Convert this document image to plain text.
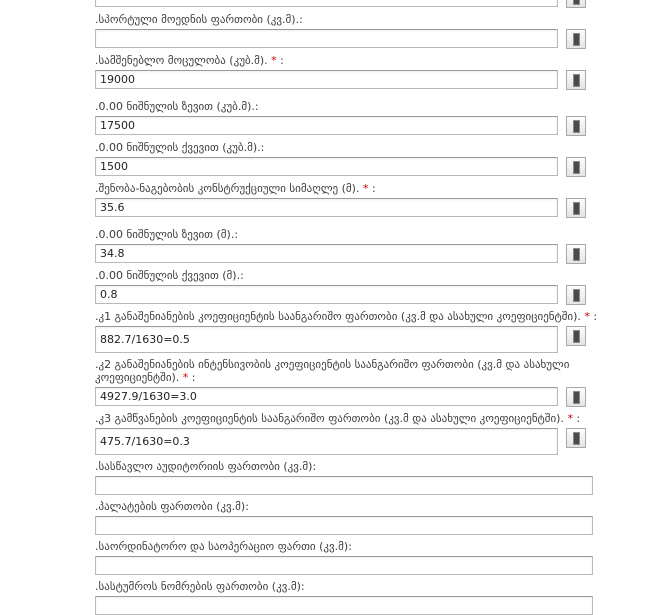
.სპორტული მოედნის ფართობი (კვ.მ).:
.სამშენებლო მოცულობა (კუბ.მ). * :
19000
.0.00 ნიშნულის ზევით (კუბ.მ).:
17500
.0.00 ნიშნულის ქვევით (კუბ.მ).:
1500
.შენობა-ნაგებობის კონსტრუქციული სიმაღლე (მ). * :
35.6
.0.00 ნიშნულის ზევით (მ).:
34.8
.0.00 ნიშნულის ქვევით (მ).:
0.8
.კ1 განაშენიანების კოეფიციენტის საანგარიშო ფართობი (კვ.მ და ასახული კოეფიციენტში). * :
882.7/1630=0.5
.კ2 განაშენიანების ინტენსივობის კოეფიციენტის საანგარიშო ფართობი (კვ.მ და ასახული კოეფიციენტში). * :
4927.9/1630=3.0
.კ3 გამწვანების კოეფიციენტის საანგარიშო ფართობი (კვ.მ და ასახული კოეფიციენტში). * :
475.7/1630=0.3
.სასწავლო აუდიტორიის ფართობი (კვ.მ):
.პალატების ფართობი (კვ.მ):
.საორდინატორო და საოპერაციო ფართი (კვ.მ):
.სასტუმროს ნომრების ფართობი (კვ.მ):
